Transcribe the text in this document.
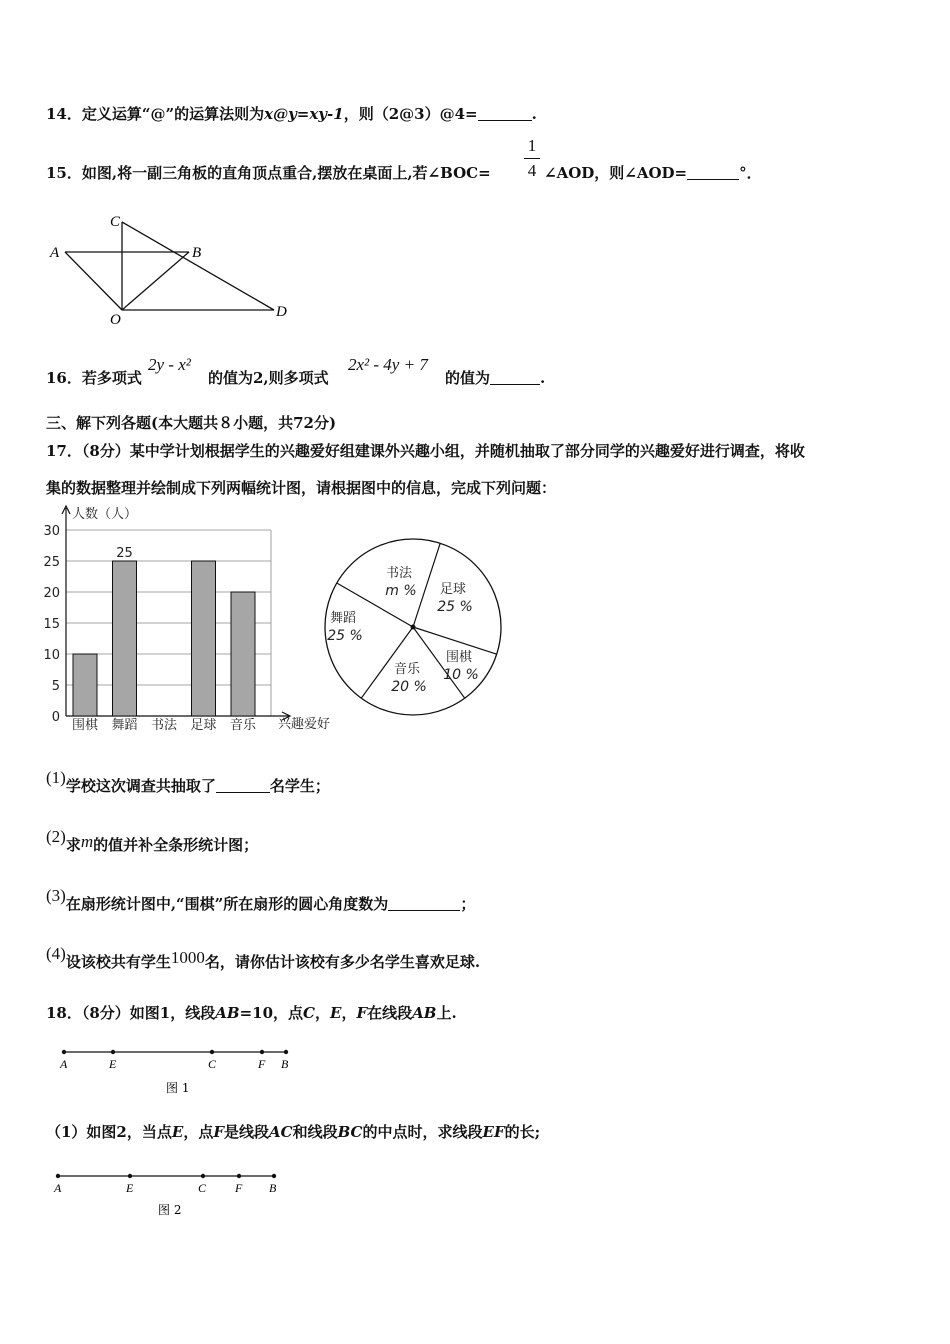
14．定义运算“@”的运算法则为x@y=xy-1，则（2@3）@4=	.
15．如图,将一副三角板的直角顶点重合,摆放在桌面上,若∠BOC=
1
4 ∠AOD，则∠AOD=	°．
A	B
C
O	D
16．若多项式
2y - x²
的值为2,则多项式
2x² - 4y + 7
的值为	.
三、解下列各题(本大题共８小题，共72分)
17．（8分）某中学计划根据学生的兴趣爱好组建课外兴趣小组，并随机抽取了部分同学的兴趣爱好进行调查，将收
集的数据整理并绘制成下列两幅统计图，请根据图中的信息，完成下列问题：
0
5
10
15
20
25
30
人数（人）
兴趣爱好
围棋
25
舞蹈 书法 足球 音乐
书法
m % 足球
25 %
围棋
10 %
音乐
20 %
舞蹈
25 %
(1)学校这次调查共抽取了	名学生；
(2)求m的值并补全条形统计图；
(3)在扇形统计图中,“围棋”所在扇形的圆心角度数为	；
(4)设该校共有学生1000名，请你估计该校有多少名学生喜欢足球.
18．（8分）如图1，线段AB=10，点C，E，F在线段AB上.
A	E	C	F B
图 1
（1）如图2，当点E，点F是线段AC和线段BC的中点时，求线段EF的长;
A	E	C F B
图 2
